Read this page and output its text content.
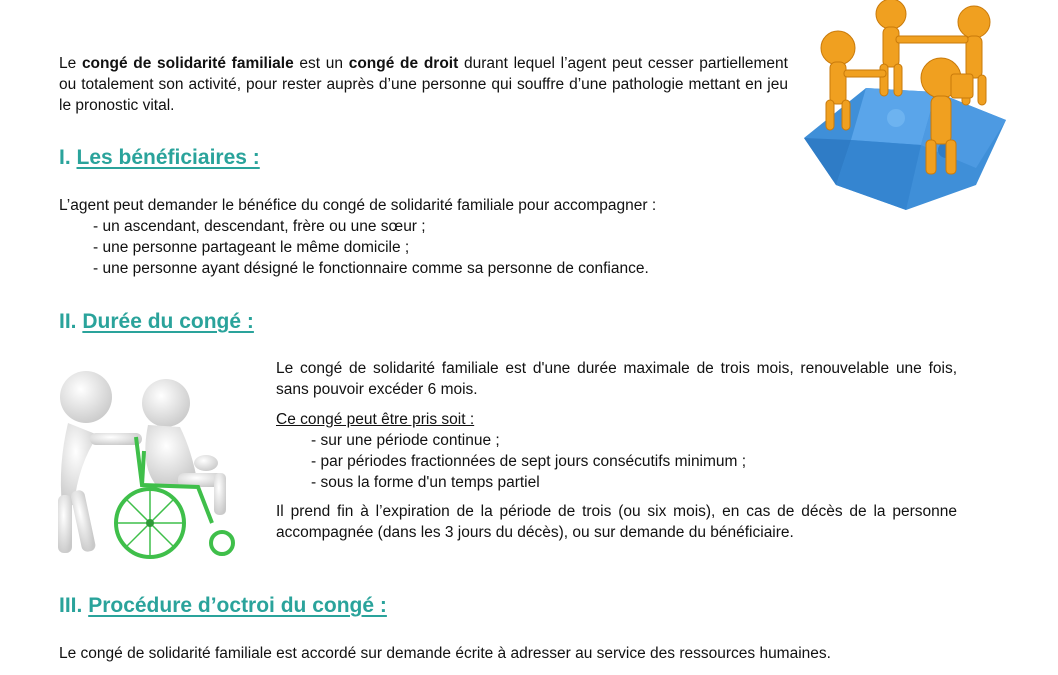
Le congé de solidarité familiale est un congé de droit durant lequel l’agent peut cesser partiellement ou totalement son activité, pour rester auprès d’une personne qui souffre d’une pathologie mettant en jeu le pronostic vital.

I. Les bénéficiaires :

L’agent peut demander le bénéfice du congé de solidarité familiale pour accompagner :

- un ascendant, descendant, frère ou une sœur ;
- une personne partageant le même domicile ;
- une personne ayant désigné le fonctionnaire comme sa personne de confiance.
II. Durée du congé :

Le congé de solidarité familiale est d'une durée maximale de trois mois, renouvelable une fois, sans pouvoir excéder 6 mois.

Ce congé peut être pris soit :

- sur une période continue ;
- par périodes fractionnées de sept jours consécutifs minimum ;
- sous la forme d'un temps partiel

Il prend fin à l’expiration de la période de trois (ou six mois), en cas de décès de la personne accompagnée (dans les 3 jours du décès), ou sur demande du bénéficiaire.

III. Procédure d’octroi du congé :

Le congé de solidarité familiale est accordé sur demande écrite à adresser au service des ressources humaines.
